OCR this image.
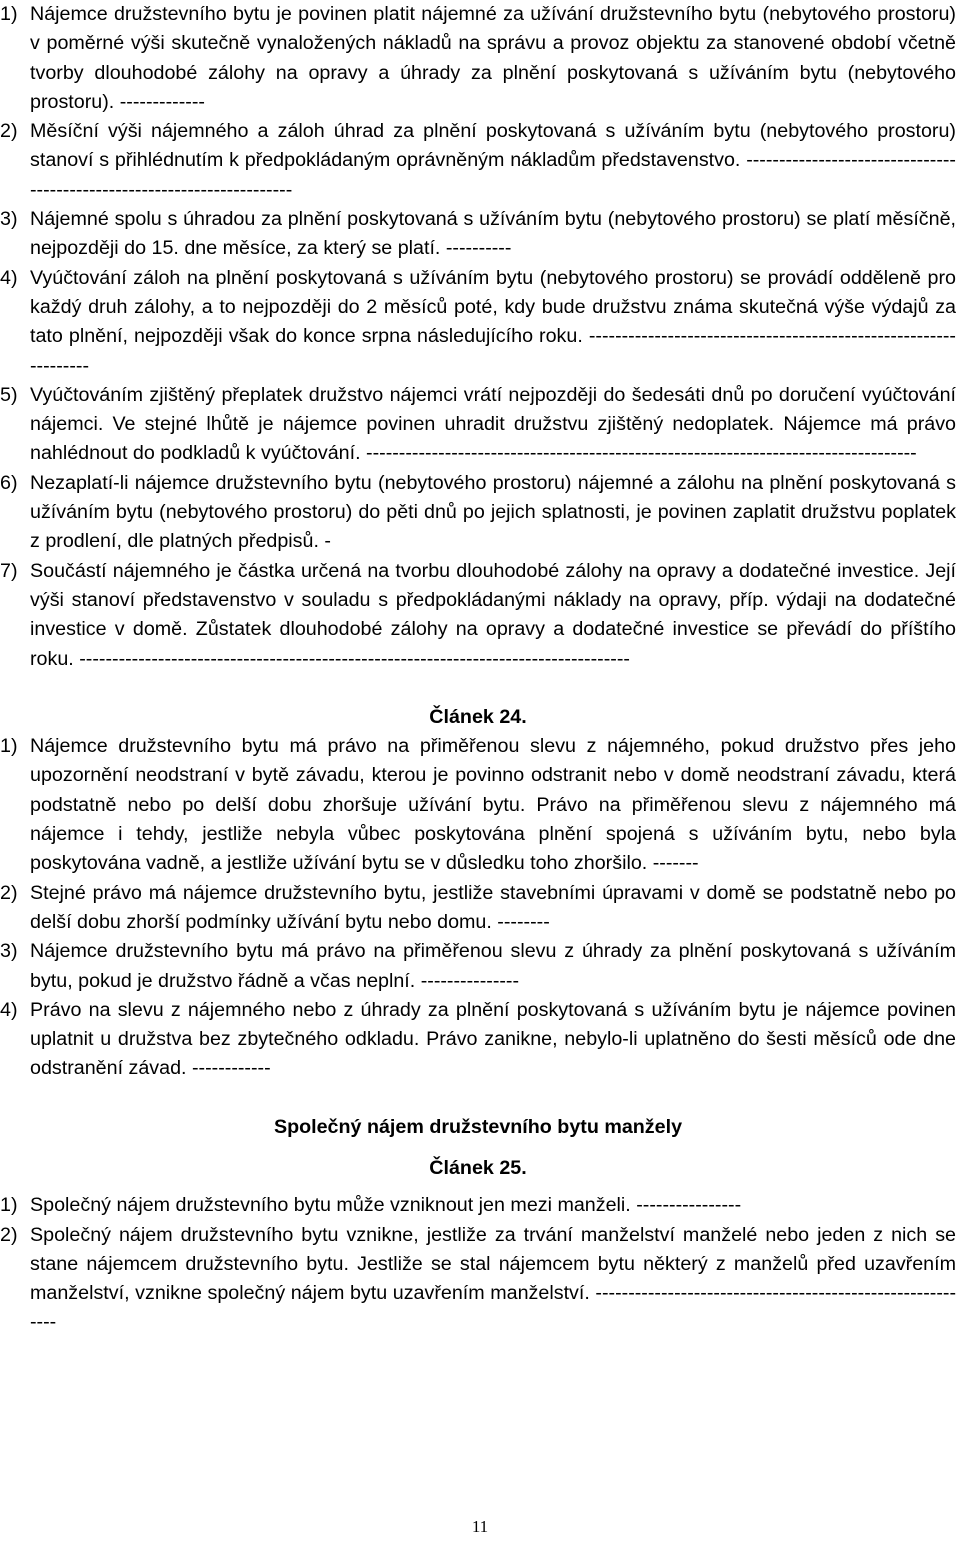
1) Nájemce družstevního bytu je povinen platit nájemné za užívání družstevního bytu (nebytového prostoru) v poměrné výši skutečně vynaložených nákladů na správu a provoz objektu za stanovené období včetně tvorby dlouhodobé zálohy na opravy a úhrady za plnění poskytovaná s užíváním bytu (nebytového prostoru). -------------

2) Měsíční výši nájemného a záloh úhrad za plnění poskytovaná s užíváním bytu (nebytového prostoru) stanoví s přihlédnutím k předpokládaným oprávněným nákladům představenstvo. ------------------------------------------------------------------------

3) Nájemné spolu s úhradou za plnění poskytovaná s užíváním bytu (nebytového prostoru) se platí měsíčně, nejpozději do 15. dne měsíce, za který se platí. ----------

4) Vyúčtování záloh na plnění poskytovaná s užíváním bytu (nebytového prostoru) se provádí odděleně pro každý druh zálohy, a to nejpozději do 2 měsíců poté, kdy bude družstvu známa skutečná výše výdajů za tato plnění, nejpozději však do konce srpna následujícího roku. -----------------------------------------------------------------

5) Vyúčtováním zjištěný přeplatek družstvo nájemci vrátí nejpozději do šedesáti dnů po doručení vyúčtování nájemci. Ve stejné lhůtě je nájemce povinen uhradit družstvu zjištěný nedoplatek. Nájemce má právo nahlédnout do podkladů k vyúčtování. ------------------------------------------------------------------------------------

6) Nezaplatí-li nájemce družstevního bytu (nebytového prostoru) nájemné a zálohu na plnění poskytovaná s užíváním bytu (nebytového prostoru) do pěti dnů po jejich splatnosti, je povinen zaplatit družstvu poplatek z prodlení, dle platných předpisů. -

7) Součástí nájemného je částka určená na tvorbu dlouhodobé zálohy na opravy a dodatečné investice. Její výši stanoví představenstvo v souladu s předpokládanými náklady na opravy, příp. výdaji na dodatečné investice v domě. Zůstatek dlouhodobé zálohy na opravy a dodatečné investice se převádí do příštího roku. ------------------------------------------------------------------------------------

Článek 24.

1) Nájemce družstevního bytu má právo na přiměřenou slevu z nájemného, pokud družstvo přes jeho upozornění neodstraní v bytě závadu, kterou je povinno odstranit nebo v domě neodstraní závadu, která podstatně nebo po delší dobu zhoršuje užívání bytu. Právo na přiměřenou slevu z nájemného má nájemce i tehdy, jestliže nebyla vůbec poskytována plnění spojená s užíváním bytu, nebo byla poskytována vadně, a jestliže užívání bytu se v důsledku toho zhoršilo. -------

2) Stejné právo má nájemce družstevního bytu, jestliže stavebními úpravami v domě se podstatně nebo po delší dobu zhorší podmínky užívání bytu nebo domu. --------

3) Nájemce družstevního bytu má právo na přiměřenou slevu z úhrady za plnění poskytovaná s užíváním bytu, pokud je družstvo řádně a včas neplní. ---------------

4) Právo na slevu z nájemného nebo z úhrady za plnění poskytovaná s užíváním bytu je nájemce povinen uplatnit u družstva bez zbytečného odkladu. Právo zanikne, nebylo-li uplatněno do šesti měsíců ode dne odstranění závad. ------------

Společný nájem družstevního bytu manžely

Článek 25.

1) Společný nájem družstevního bytu může vzniknout jen mezi manželi. ----------------

2) Společný nájem družstevního bytu vznikne, jestliže za trvání manželství manželé nebo jeden z nich se stane nájemcem družstevního bytu. Jestliže se stal nájemcem bytu některý z manželů před uzavřením manželství, vznikne společný nájem bytu uzavřením manželství. -----------------------------------------------------------

11
